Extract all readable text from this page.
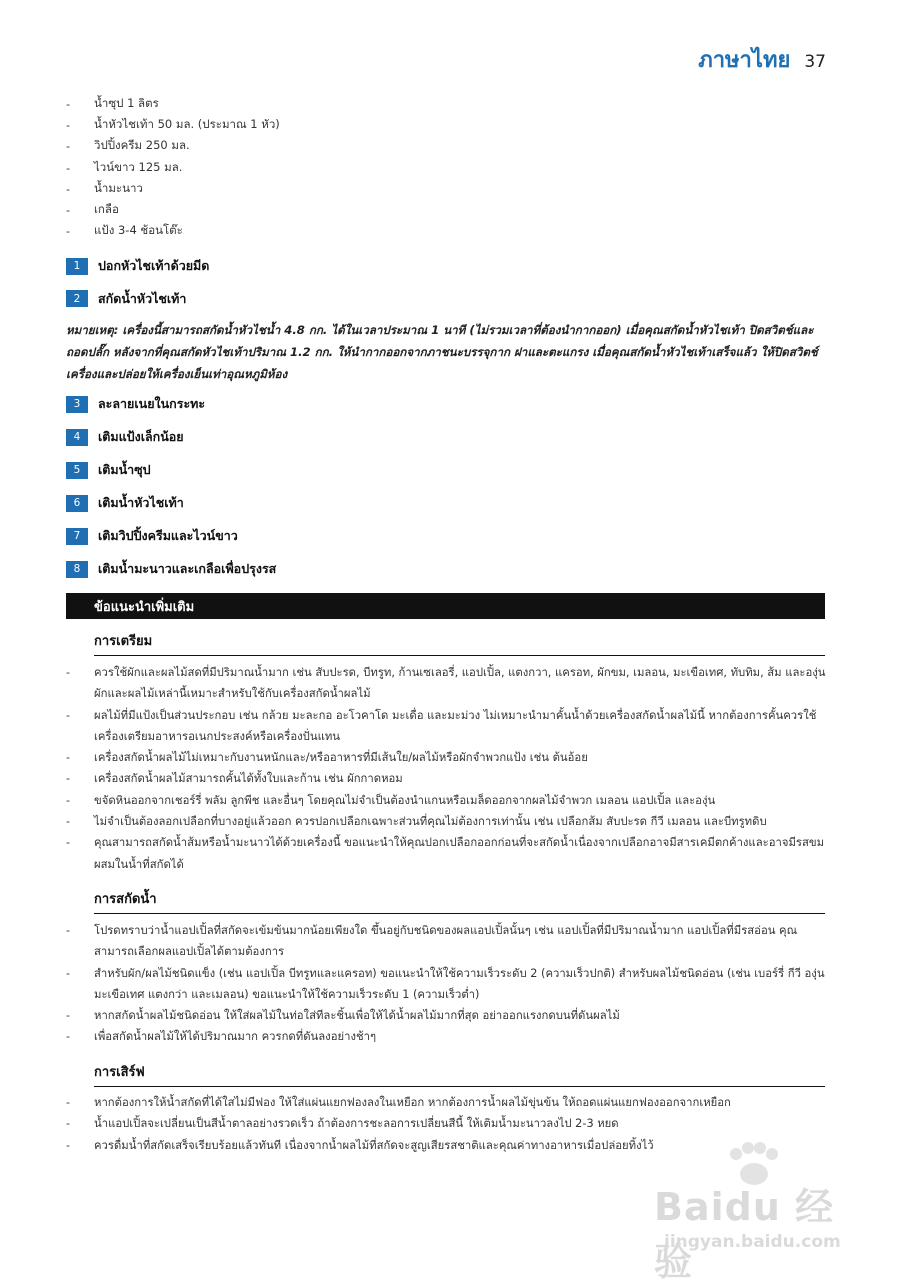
ภาษาไทย 37
-	น้ำซุป 1 ลิตร
-	น้ำหัวไชเท้า 50 มล. (ประมาณ 1 หัว)
-	วิปปิ้งครีม 250 มล.
-	ไวน์ขาว 125 มล.
-	น้ำมะนาว
-	เกลือ
-	แป้ง 3-4 ช้อนโต๊ะ
1	ปอกหัวไชเท้าด้วยมีด
2	สกัดน้ำหัวไชเท้า
หมายเหตุ: เครื่องนี้สามารถสกัดน้ำหัวไชน้ำ 4.8 กก. ได้ในเวลาประมาณ 1 นาที (ไม่รวมเวลาที่ต้องนำกากออก) เมื่อคุณสกัดน้ำหัวไชเท้า ปิดสวิตช์และถอดปลั๊ก หลังจากที่คุณสกัดหัวไชเท้าปริมาณ 1.2 กก. ให้นำกากออกจากภาชนะบรรจุกาก ฝาและตะแกรง เมื่อคุณสกัดน้ำหัวไชเท้าเสร็จแล้ว ให้ปิดสวิตช์เครื่องและปล่อยให้เครื่องเย็นเท่าอุณหภูมิห้อง
3	ละลายเนยในกระทะ
4	เติมแป้งเล็กน้อย
5	เติมน้ำซุป
6	เติมน้ำหัวไชเท้า
7	เติมวิปปิ้งครีมและไวน์ขาว
8	เติมน้ำมะนาวและเกลือเพื่อปรุงรส
ข้อแนะนำเพิ่มเติม
การเตรียม
-	ควรใช้ผักและผลไม้สดที่มีปริมาณน้ำมาก เช่น สับปะรด, บีทรูท, ก้านเซเลอรี่, แอปเปิ้ล, แตงกวา, แครอท, ผักขม, เมลอน, มะเขือเทศ, ทับทิม, ส้ม และองุ่น ผักและผลไม้เหล่านี้เหมาะสำหรับใช้กับเครื่องสกัดน้ำผลไม้
-	ผลไม้ที่มีแป้งเป็นส่วนประกอบ เช่น กล้วย มะละกอ อะโวคาโด มะเดื่อ และมะม่วง ไม่เหมาะนำมาคั้นน้ำด้วยเครื่องสกัดน้ำผลไม้นี้ หากต้องการคั้นควรใช้เครื่องเตรียมอาหารอเนกประสงค์หรือเครื่องปั่นแทน
-	เครื่องสกัดน้ำผลไม้ไม่เหมาะกับงานหนักและ/หรืออาหารที่มีเส้นใย/ผลไม้หรือผักจำพวกแป้ง เช่น ต้นอ้อย
-	เครื่องสกัดน้ำผลไม้สามารถคั้นได้ทั้งใบและก้าน เช่น ผักกาดหอม
-	ขจัดหินออกจากเชอร์รี่ พลัม ลูกพีช และอื่นๆ โดยคุณไม่จำเป็นต้องนำแกนหรือเมล็ดออกจากผลไม้จำพวก เมลอน แอปเปิ้ล และองุ่น
-	ไม่จำเป็นต้องลอกเปลือกที่บางอยู่แล้วออก ควรปอกเปลือกเฉพาะส่วนที่คุณไม่ต้องการเท่านั้น เช่น เปลือกส้ม สับปะรด กีวี เมลอน และบีทรูทดิบ
-	คุณสามารถสกัดน้ำส้มหรือน้ำมะนาวได้ด้วยเครื่องนี้ ขอแนะนำให้คุณปอกเปลือกออกก่อนที่จะสกัดน้ำเนื่องจากเปลือกอาจมีสารเคมีตกค้างและอาจมีรสขมผสมในน้ำที่สกัดได้
การสกัดน้ำ
-	โปรดทราบว่าน้ำแอปเปิ้ลที่สกัดจะเข้มข้นมากน้อยเพียงใด ขึ้นอยู่กับชนิดของผลแอปเปิ้ลนั้นๆ เช่น แอปเปิ้ลที่มีปริมาณน้ำมาก แอปเปิ้ลที่มีรสอ่อน คุณสามารถเลือกผลแอปเปิ้ลได้ตามต้องการ
-	สำหรับผัก/ผลไม้ชนิดแข็ง (เช่น แอปเปิ้ล บีทรูทและแครอท) ขอแนะนำให้ใช้ความเร็วระดับ 2 (ความเร็วปกติ) สำหรับผลไม้ชนิดอ่อน (เช่น เบอร์รี่ กีวี องุ่น มะเขือเทศ แตงกว่า และเมลอน) ขอแนะนำให้ใช้ความเร็วระดับ 1 (ความเร็วต่ำ)
-	หากสกัดน้ำผลไม้ชนิดอ่อน ให้ใส่ผลไม้ในท่อใส่ทีละชิ้นเพื่อให้ได้น้ำผลไม้มากที่สุด อย่าออกแรงกดบนที่ดันผลไม้
-	เพื่อสกัดน้ำผลไม้ให้ได้ปริมาณมาก ควรกดที่ดันลงอย่างช้าๆ
การเสิร์ฟ
-	หากต้องการให้น้ำสกัดที่ได้ใสไม่มีฟอง ให้ใส่แผ่นแยกฟองลงในเหยือก หากต้องการน้ำผลไม้ขุ่นข้น ให้ถอดแผ่นแยกฟองออกจากเหยือก
-	น้ำแอปเปิ้ลจะเปลี่ยนเป็นสีน้ำตาลอย่างรวดเร็ว ถ้าต้องการชะลอการเปลี่ยนสีนี้ ให้เติมน้ำมะนาวลงไป 2-3 หยด
-	ควรดื่มน้ำที่สกัดเสร็จเรียบร้อยแล้วทันที เนื่องจากน้ำผลไม้ที่สกัดจะสูญเสียรสชาติและคุณค่าทางอาหารเมื่อปล่อยทิ้งไว้
Baidu 经验
jingyan.baidu.com
